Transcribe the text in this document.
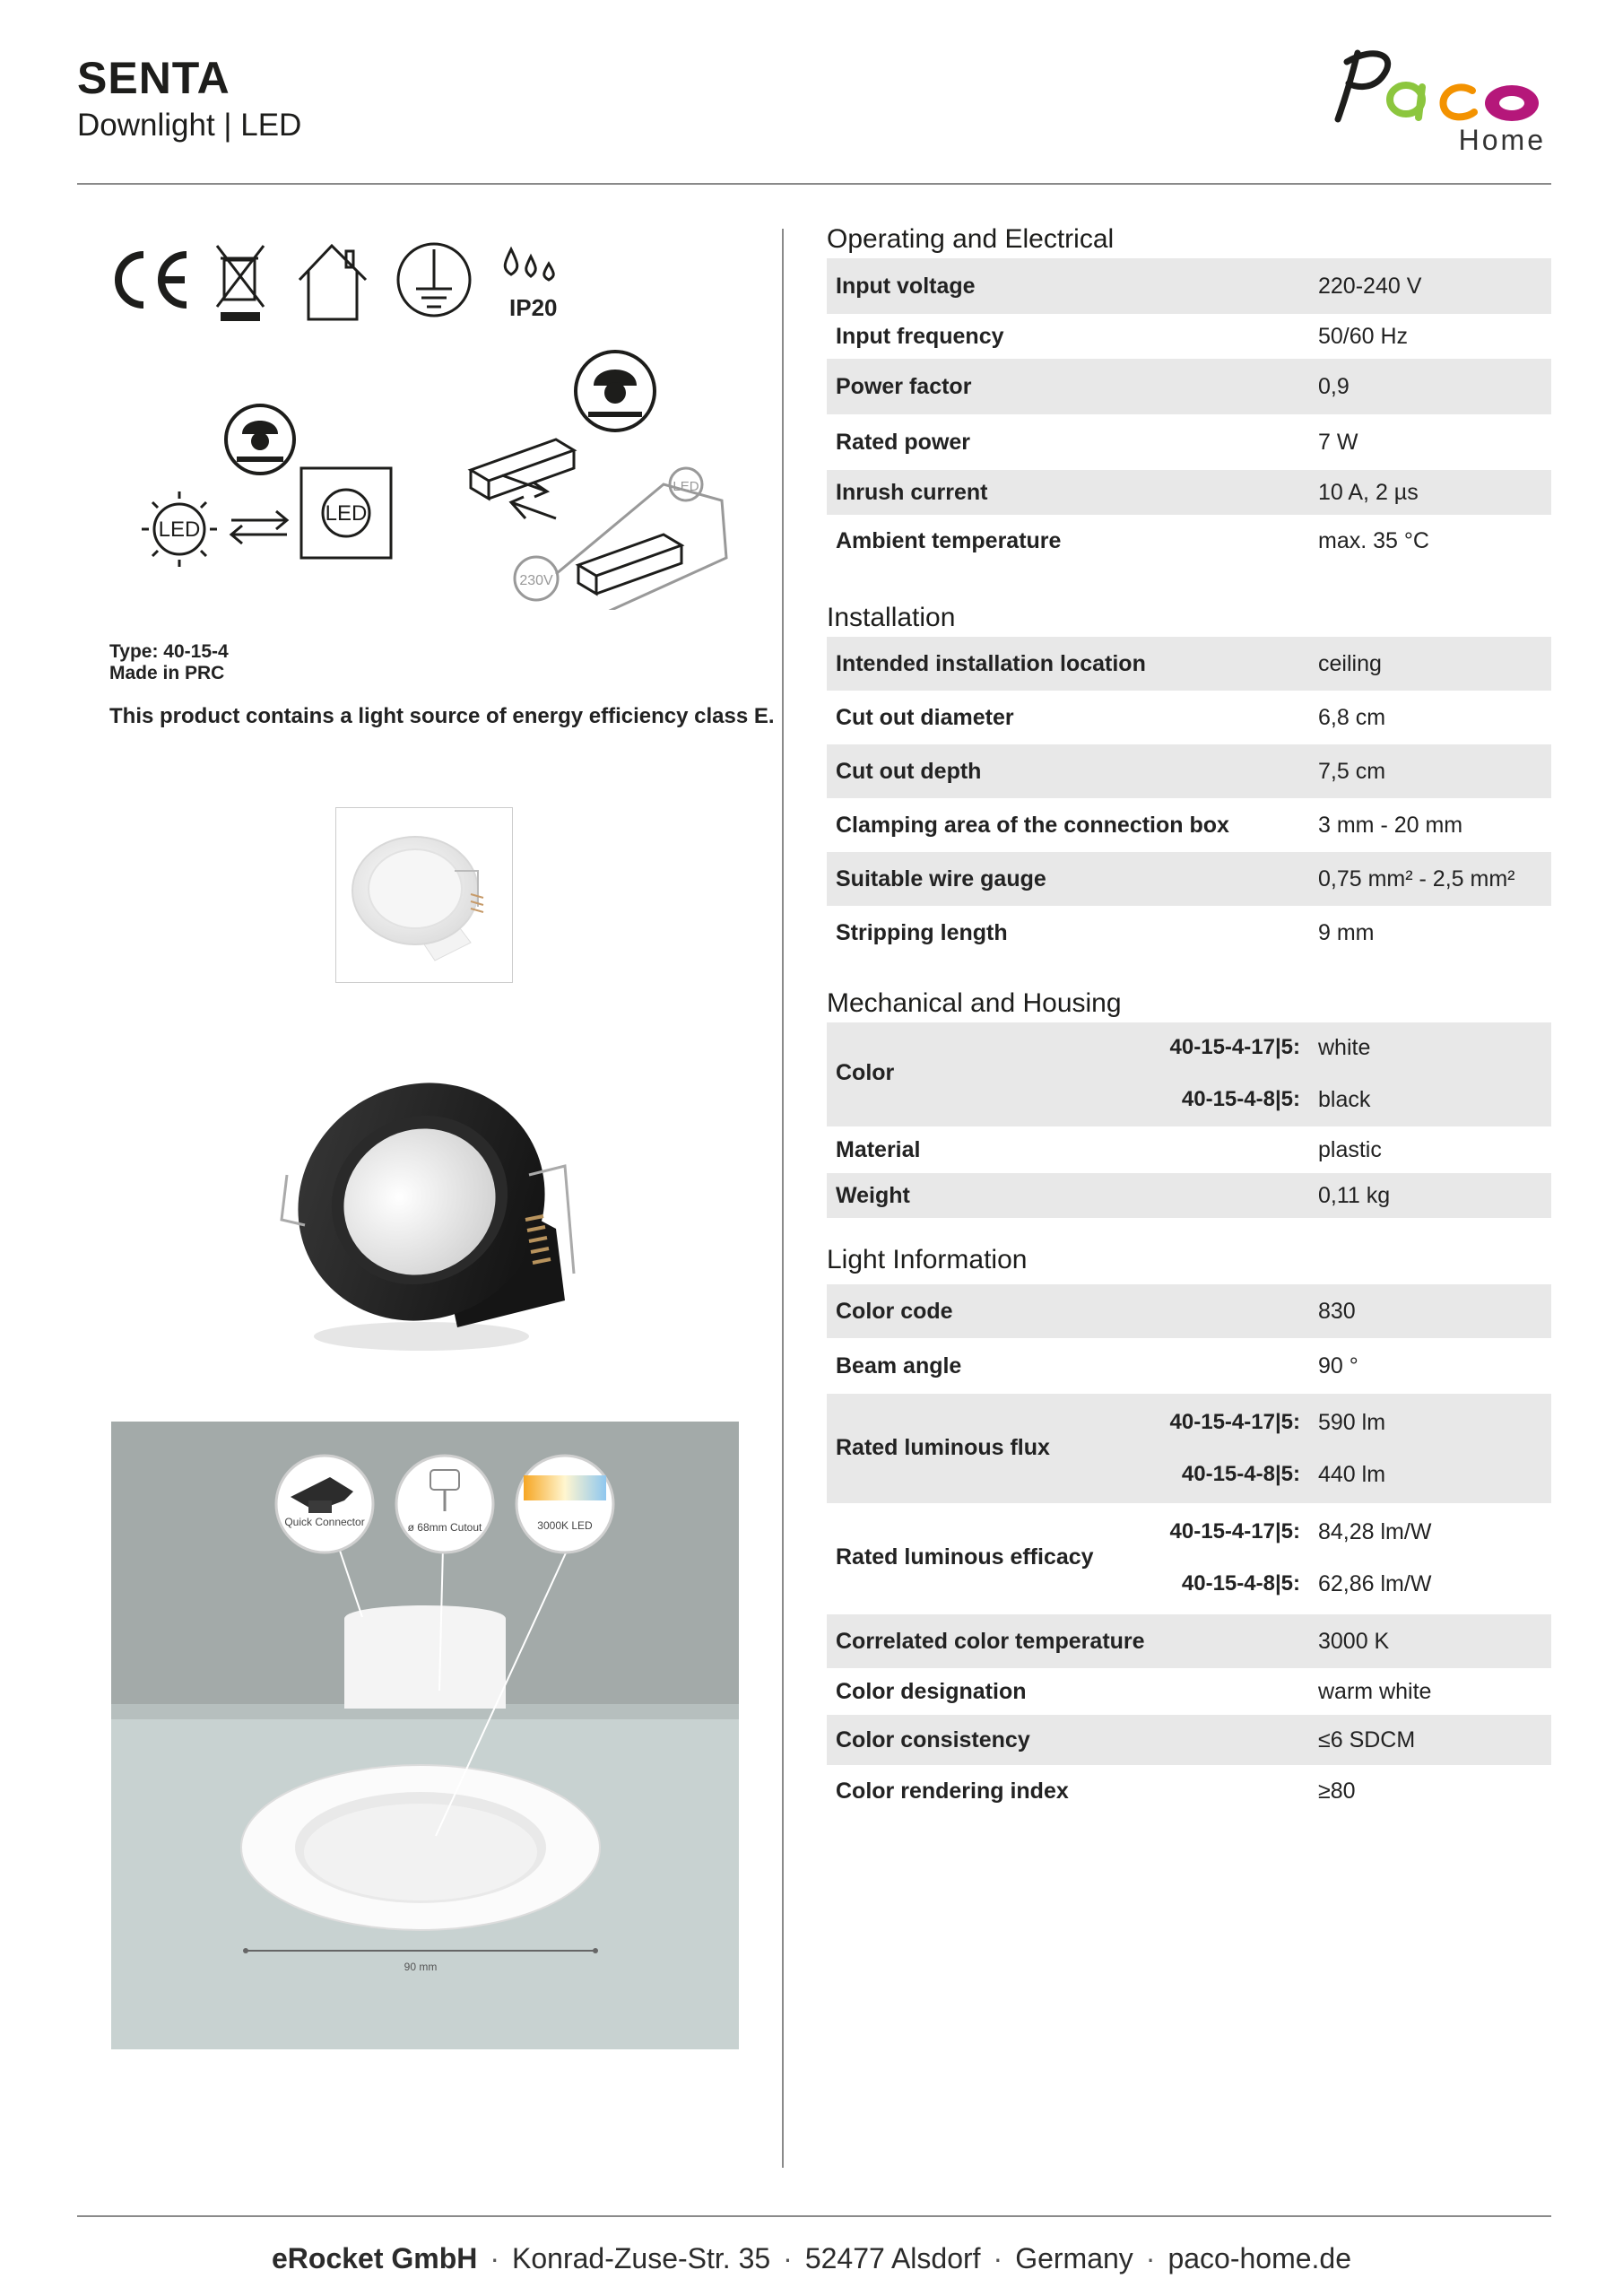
SENTA
Downlight | LED	Home
IP20
LED
LED
LED
230V
Type: 40-15-4
Made in PRC
This product contains a light source of energy efficiency class E.
90 mm
Quick Connector	ø 68mm Cutout	3000K LED
Operating and Electrical
Input voltage	220-240 V
Input frequency	50/60 Hz
Power factor	0,9
Rated power	7 W
Inrush current	10 A, 2 µs
Ambient temperature	max. 35 °C
Installation
Intended installation location	ceiling
Cut out diameter	6,8 cm
Cut out depth	7,5 cm
Clamping area of the connection box	3 mm - 20 mm
Suitable wire gauge	0,75 mm² - 2,5 mm²
Stripping length	9 mm
Mechanical and Housing
Color
40-15-4-17|5: white
40-15-4-8|5: black
Material	plastic
Weight	0,11 kg
Light Information
Color code	830
Beam angle	90 °
Rated luminous flux
40-15-4-17|5: 590 lm
40-15-4-8|5: 440 lm
Rated luminous efficacy
40-15-4-17|5: 84,28 lm/W
40-15-4-8|5: 62,86 lm/W
Correlated color temperature	3000 K
Color designation	warm white
Color consistency	≤6 SDCM
Color rendering index	≥80
eRocket GmbH · Konrad-Zuse-Str. 35 · 52477 Alsdorf · Germany · paco-home.de
